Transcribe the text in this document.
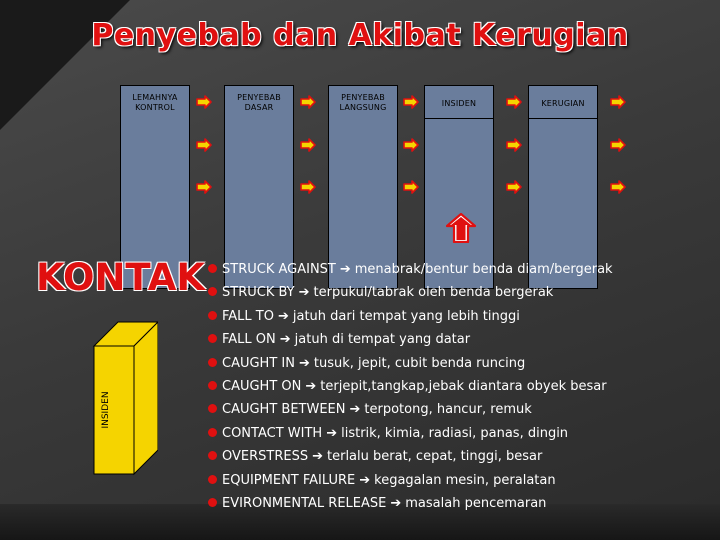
Penyebab dan Akibat Kerugian
LEMAHNYA KONTROL
PENYEBAB DASAR
PENYEBAB LANGSUNG	INSIDEN	KERUGIAN
KONTAK
INSIDEN
STRUCK AGAINST ➔ menabrak/bentur benda diam/bergerak
STRUCK BY ➔ terpukul/tabrak oleh benda bergerak
FALL TO ➔ jatuh dari tempat yang lebih tinggi
FALL ON ➔ jatuh di tempat yang datar
CAUGHT IN ➔ tusuk, jepit, cubit benda runcing
CAUGHT ON ➔ terjepit,tangkap,jebak diantara obyek besar
CAUGHT BETWEEN ➔ terpotong, hancur, remuk
CONTACT WITH ➔ listrik, kimia, radiasi, panas, dingin
OVERSTRESS ➔ terlalu berat, cepat, tinggi, besar
EQUIPMENT FAILURE ➔ kegagalan mesin, peralatan
EVIRONMENTAL RELEASE ➔ masalah pencemaran
